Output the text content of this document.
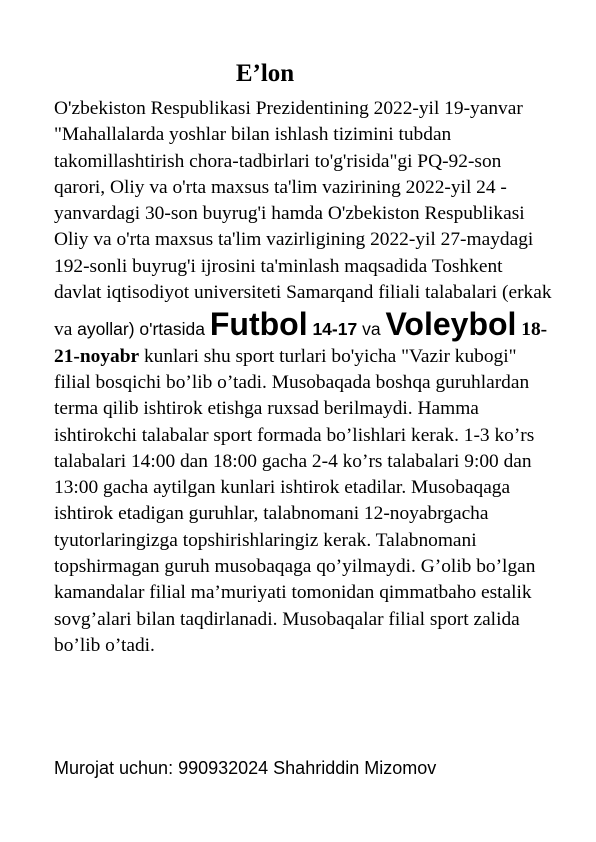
E’lon

O'zbekiston Respublikasi Prezidentining 2022-yil 19-yanvar "Mahallalarda yoshlar bilan ishlash tizimini tubdan takomillashtirish chora-tadbirlari to'g'risida"gi PQ-92-son qarori, Oliy va o'rta maxsus ta'lim vazirining 2022-yil 24 -yanvardagi 30-son buyrug'i hamda O'zbekiston Respublikasi Oliy va o'rta maxsus ta'lim vazirligining 2022-yil 27-maydagi 192-sonli buyrug'i ijrosini ta'minlash maqsadida Toshkent davlat iqtisodiyot universiteti Samarqand filiali talabalari (erkak va ayollar) o'rtasida Futbol 14-17 va Voleybol 18-21-noyabr kunlari shu sport turlari bo'yicha "Vazir kubogi" filial bosqichi bo’lib o’tadi. Musobaqada boshqa guruhlardan terma qilib ishtirok etishga ruxsad berilmaydi. Hamma ishtirokchi talabalar sport formada bo’lishlari kerak. 1-3 ko’rs talabalari 14:00 dan 18:00 gacha 2-4 ko’rs talabalari 9:00 dan 13:00 gacha aytilgan kunlari ishtirok etadilar. Musobaqaga ishtirok etadigan guruhlar, talabnomani 12-noyabrgacha tyutorlaringizga topshirishlaringiz kerak. Talabnomani topshirmagan guruh musobaqaga qo’yilmaydi. G’olib bo’lgan kamandalar filial ma’muriyati tomonidan qimmatbaho estalik sovg’alari bilan taqdirlanadi. Musobaqalar filial sport zalida bo’lib o’tadi.

Murojat uchun: 990932024 Shahriddin Mizomov
